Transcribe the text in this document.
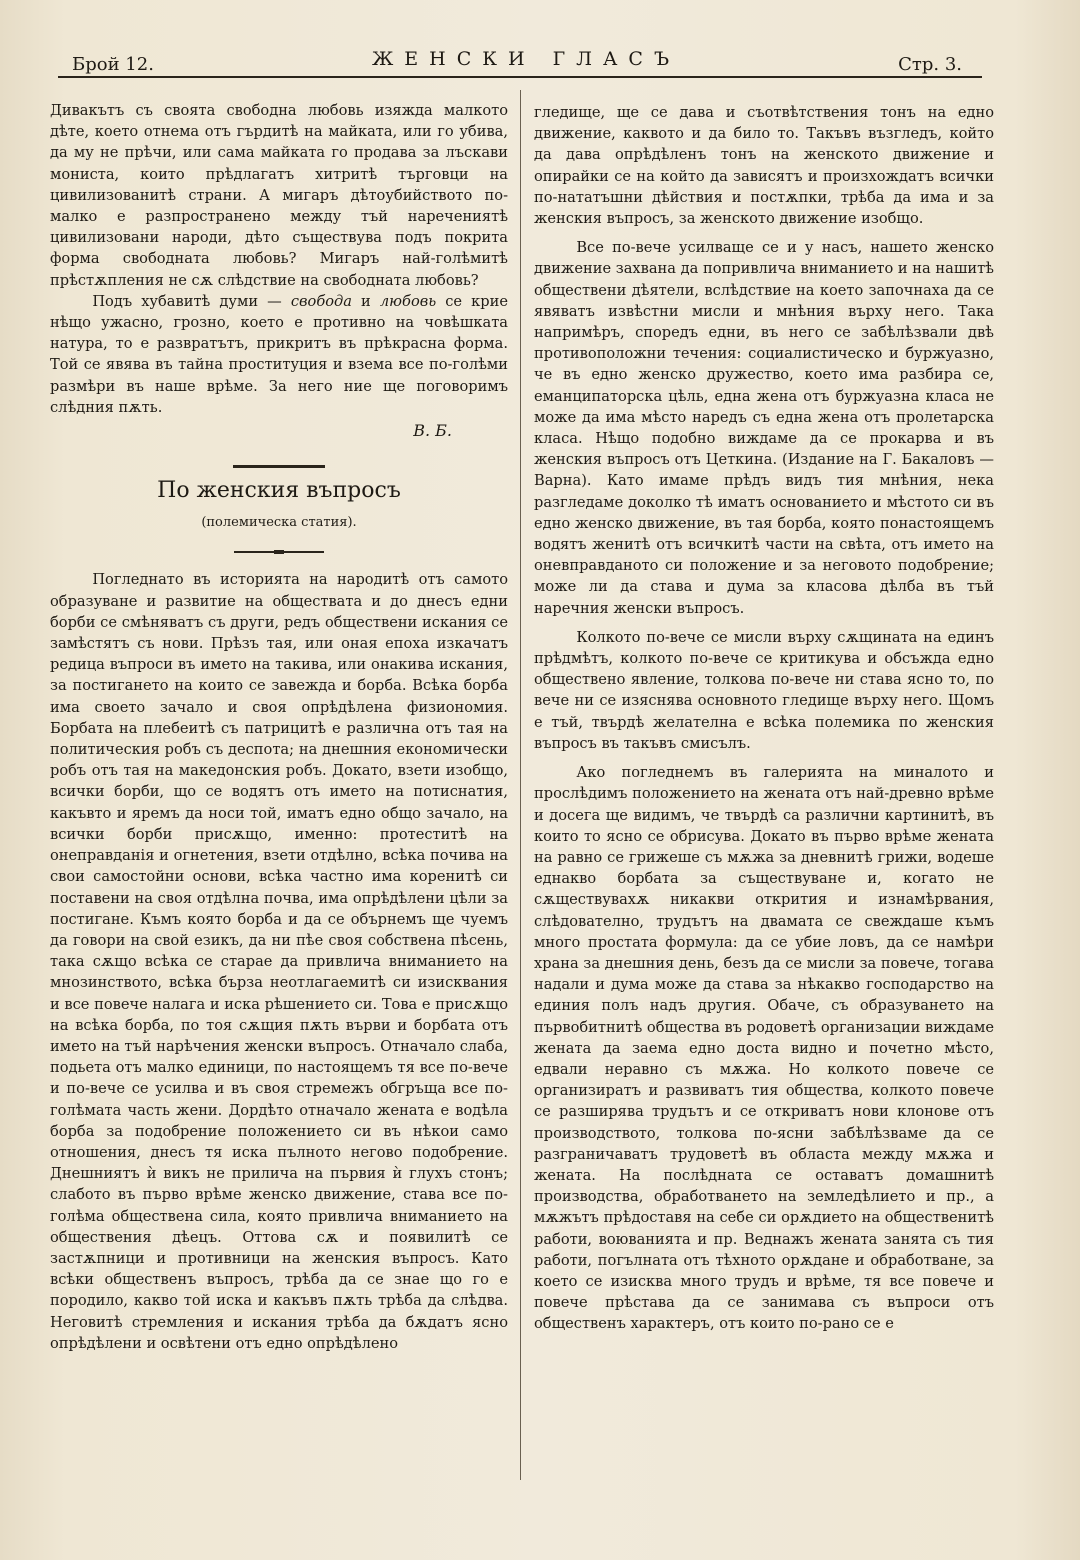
Брой 12.	ЖЕНСКИ ГЛАСЪ	Стр. 3.

Дивакътъ съ своята свободна любовь изяжда малкото дѣте, което отнема отъ гърдитѣ на майката, или го убива, да му не прѣчи, или сама майката го продава за лъскави мониста, които прѣдлагатъ хитритѣ търговци на цивилизованитѣ страни. А мигаръ дѣтоубийството по-малко е разпространено между тъй наречениятѣ цивилизовани народи, дѣто съществува подъ покрита форма свободната любовь? Мигаръ най-голѣмитѣ прѣстѫпления не сѫ слѣдствие на свободната любовь?

Подъ хубавитѣ думи — свобода и любовь се крие нѣщо ужасно, грозно, което е противно на човѣшката натура, то е развратътъ, прикритъ въ прѣкрасна форма. Той се явява въ тайна проституция и взема все по-голѣми размѣри въ наше врѣме. За него ние ще поговоримъ слѣдния пѫть.

В. Б.
По женския въпросъ
(полемическа статия).

Погледнато въ историята на народитѣ отъ самото образуване и развитие на обществата и до днесъ едни борби се смѣняватъ съ други, редъ обществени искания се замѣстятъ съ нови. Прѣзъ тая, или оная епоха изкачатъ редица въпроси въ името на такива, или онакива искания, за постигането на които се завежда и борба. Всѣка борба има своето зачало и своя опрѣдѣлена физиономия. Борбата на плебеитѣ съ патрицитѣ е различна отъ тая на политическия робъ съ деспота; на днешния економически робъ отъ тая на македонския робъ. Докато, взети изобщо, всички борби, що се водятъ отъ името на потиснатия, какъвто и яремъ да носи той, иматъ едно общо зачало, на всички борби присѫщо, именно: протеститѣ на онеправданія и огнетения, взети отдѣлно, всѣка почива на свои самостойни основи, всѣка частно има коренитѣ си поставени на своя отдѣлна почва, има опрѣдѣлени цѣли за постигане. Къмъ която борба и да се обърнемъ ще чуемъ да говори на свой езикъ, да ни пѣе своя собствена пѣсень, така сѫщо всѣка се старае да привлича вниманието на мнозинството, всѣка бърза неотлагаемитѣ си изисквания и все повече налага и иска рѣшението си. Това е присѫщо на всѣка борба, по тоя сѫщия пѫть върви и борбата отъ името на тъй нарѣчения женски въпросъ. Отначало слаба, подьета отъ малко единици, по настоящемъ тя все по-вече и по-вече се усилва и въ своя стремежъ обгръща все по-голѣмата часть жени. Дордѣто отначало жената е водѣла борба за подобрение положението си въ нѣкои само отношения, днесъ тя иска пълното негово подобрение. Днешниятъ ѝ викъ не прилича на първия ѝ глухъ стонъ; слабото въ първо врѣме женско движение, става все по-голѣма обществена сила, която привлича вниманието на обществения дѣецъ. Оттова сѫ и появилитѣ се застѫпници и противници на женския въпросъ. Като всѣки общественъ въпросъ, трѣба да се знае що го е породило, какво той иска и какъвъ пѫть трѣба да слѣдва. Неговитѣ стремления и искания трѣба да бѫдатъ ясно опрѣдѣлени и освѣтени отъ едно опрѣдѣлено

гледище, ще се дава и съотвѣтствения тонъ на едно движение, каквото и да било то. Такъвъ възгледъ, който да дава опрѣдѣленъ тонъ на женското движение и опирайки се на който да зависятъ и произхождатъ всички по-нататъшни дѣйствия и постѫпки, трѣба да има и за женския въпросъ, за женското движение изобщо.

Все по-вече усилваще се и у насъ, нашето женско движение захвана да попривлича вниманието и на нашитѣ обществени дѣятели, вслѣдствие на което започнаха да се явяватъ извѣстни мисли и мнѣния върху него. Така напримѣръ, споредъ едни, въ него се забѣлѣзвали двѣ противоположни течения: социалистическо и буржуазно, че въ едно женско дружество, което има разбира се, еманципаторска цѣль, една жена отъ буржуазна класа не може да има мѣсто наредъ съ една жена отъ пролетарска класа. Нѣщо подобно виждаме да се прокарва и въ женския въпросъ отъ Цеткина. (Издание на Г. Бакаловъ — Варна). Като имаме прѣдъ видъ тия мнѣния, нека разгледаме доколко тѣ иматъ основанието и мѣстото си въ едно женско движение, въ тая борба, която понастоящемъ водятъ женитѣ отъ всичкитѣ части на свѣта, отъ името на оневправданото си положение и за неговото подобрение; може ли да става и дума за класова дѣлба въ тъй наречния женски въпросъ.

Колкото по-вече се мисли върху сѫщината на единъ прѣдмѣтъ, колкото по-вече се критикува и обсъжда едно обществено явление, толкова по-вече ни става ясно то, по вече ни се изяснява основното гледище върху него. Щомъ е тъй, твърдѣ желателна е всѣка полемика по женския въпросъ въ такъвъ смисълъ.

Ако погледнемъ въ галерията на миналото и прослѣдимъ положението на жената отъ най-древно врѣме и досега ще видимъ, че твърдѣ са различни картинитѣ, въ които то ясно се обрисува. Докато въ първо врѣме жената на равно се грижеше съ мѫжа за дневнитѣ грижи, водеше еднакво борбата за съществуване и, когато не сѫществувахѫ никакви открития и изнамѣрвания, слѣдователно, трудътъ на двамата се свеждаше къмъ много простата формула: да се убие ловъ, да се намѣри храна за днешния день, безъ да се мисли за повече, тогава надали и дума може да става за нѣкакво господарство на единия полъ надъ другия. Обаче, съ образуването на първобитнитѣ общества въ родоветѣ организации виждаме жената да заема едно доста видно и почетно мѣсто, едвали неравно съ мѫжа. Но колкото повече се организиратъ и развиватъ тия общества, колкото повече се разширява трудътъ и се откриватъ нови клонове отъ производството, толкова по-ясни забѣлѣзваме да се разграничаватъ трудоветѣ въ областа между мѫжа и жената. На послѣдната се оставатъ домашнитѣ производства, обработването на земледѣлието и пр., а мѫжътъ прѣдоставя на себе си орѫдието на общественитѣ работи, воюванията и пр. Веднажъ жената занята съ тия работи, погълната отъ тѣхното орѫдане и обработване, за което се изисква много трудъ и врѣме, тя все повече и повече прѣстава да се занимава съ въпроси отъ общественъ характеръ, отъ които по-рано се е
